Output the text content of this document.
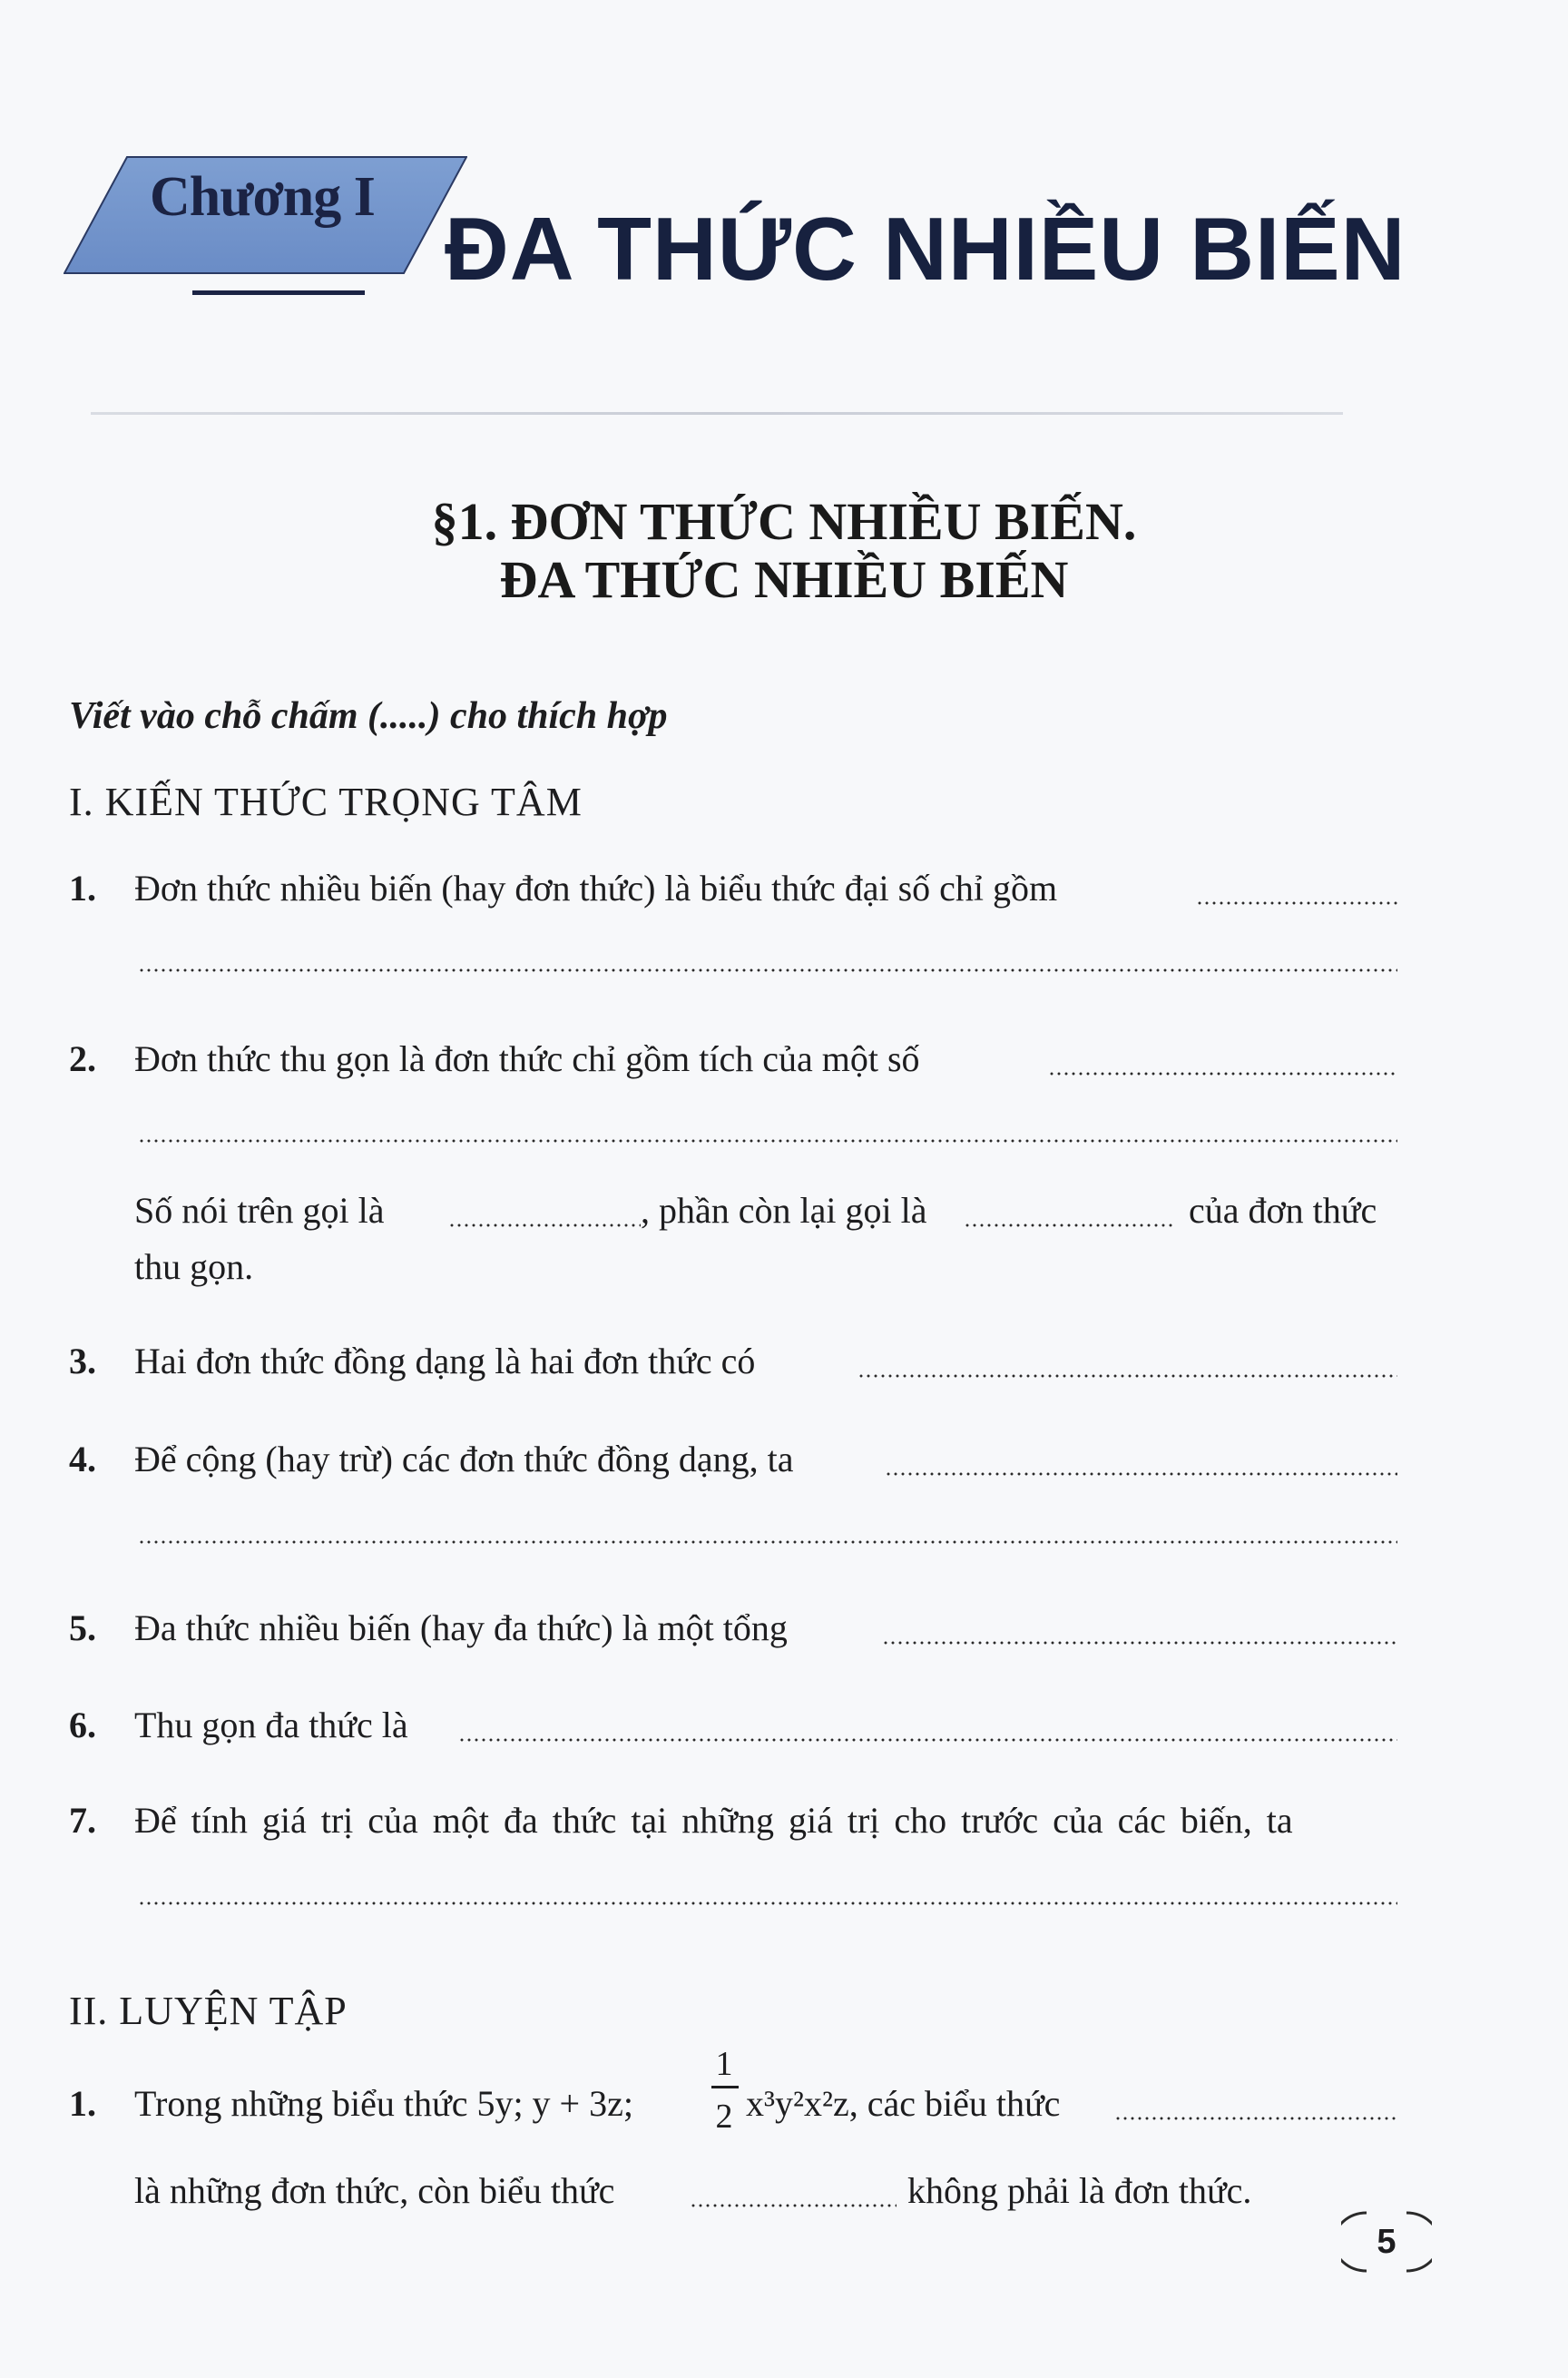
Chương I
ĐA THỨC NHIỀU BIẾN
§1. ĐƠN THỨC NHIỀU BIẾN.
ĐA THỨC NHIỀU BIẾN
Viết vào chỗ chấm (.....) cho thích hợp
I. KIẾN THỨC TRỌNG TÂM
1. Đơn thức nhiều biến (hay đơn thức) là biểu thức đại số chỉ gồm
2. Đơn thức thu gọn là đơn thức chỉ gồm tích của một số
Số nói trên gọi là	, phần còn lại gọi là	của đơn thức
thu gọn.
3. Hai đơn thức đồng dạng là hai đơn thức có
4. Để cộng (hay trừ) các đơn thức đồng dạng, ta
5. Đa thức nhiều biến (hay đa thức) là một tổng
6. Thu gọn đa thức là
7. Để tính giá trị của một đa thức tại những giá trị cho trước của các biến, ta
II. LUYỆN TẬP
1. Trong những biểu thức 5y; y + 3z;
1
2 x³y²x²z, các biểu thức
là những đơn thức, còn biểu thức	không phải là đơn thức.
5
